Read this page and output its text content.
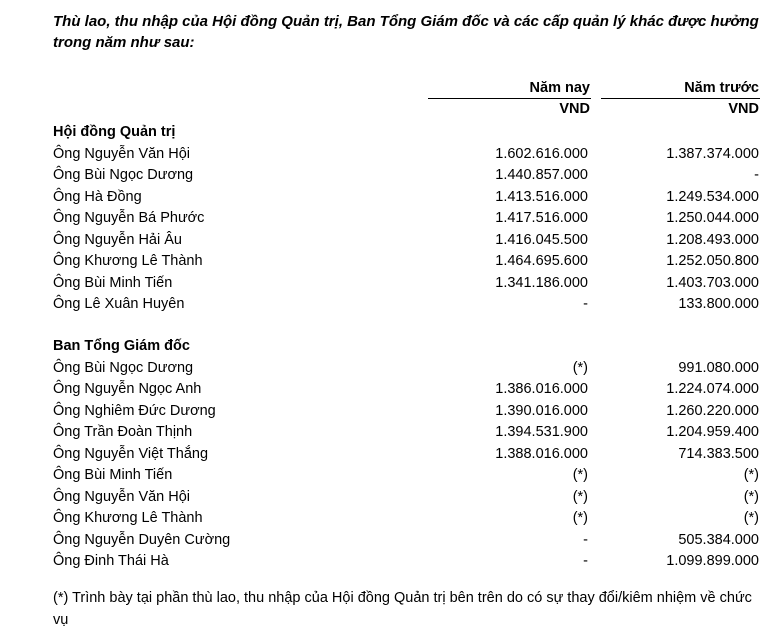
Thù lao, thu nhập của Hội đồng Quản trị, Ban Tổng Giám đốc và các cấp quản lý khác được hưởng trong năm như sau:

Năm nay	Năm trước
VND	VND
Hội đồng Quản trị
Ông Nguyễn Văn Hội	1.602.616.000	1.387.374.000
Ông Bùi Ngọc Dương	1.440.857.000	-
Ông Hà Đồng	1.413.516.000	1.249.534.000
Ông Nguyễn Bá Phước	1.417.516.000	1.250.044.000
Ông Nguyễn Hải Âu	1.416.045.500	1.208.493.000
Ông Khương Lê Thành	1.464.695.600	1.252.050.800
Ông Bùi Minh Tiến	1.341.186.000	1.403.703.000
Ông Lê Xuân Huyên	-	133.800.000
Ban Tổng Giám đốc
Ông Bùi Ngọc Dương	(*)	991.080.000
Ông Nguyễn Ngọc Anh	1.386.016.000	1.224.074.000
Ông Nghiêm Đức Dương	1.390.016.000	1.260.220.000
Ông Trần Đoàn Thịnh	1.394.531.900	1.204.959.400
Ông Nguyễn Việt Thắng	1.388.016.000	714.383.500
Ông Bùi Minh Tiến	(*)	(*)
Ông Nguyễn Văn Hội	(*)	(*)
Ông Khương Lê Thành	(*)	(*)
Ông Nguyễn Duyên Cường	-	505.384.000
Ông Đinh Thái Hà	-	1.099.899.000

(*) Trình bày tại phần thù lao, thu nhập của Hội đồng Quản trị bên trên do có sự thay đổi/kiêm nhiệm về chức vụ
